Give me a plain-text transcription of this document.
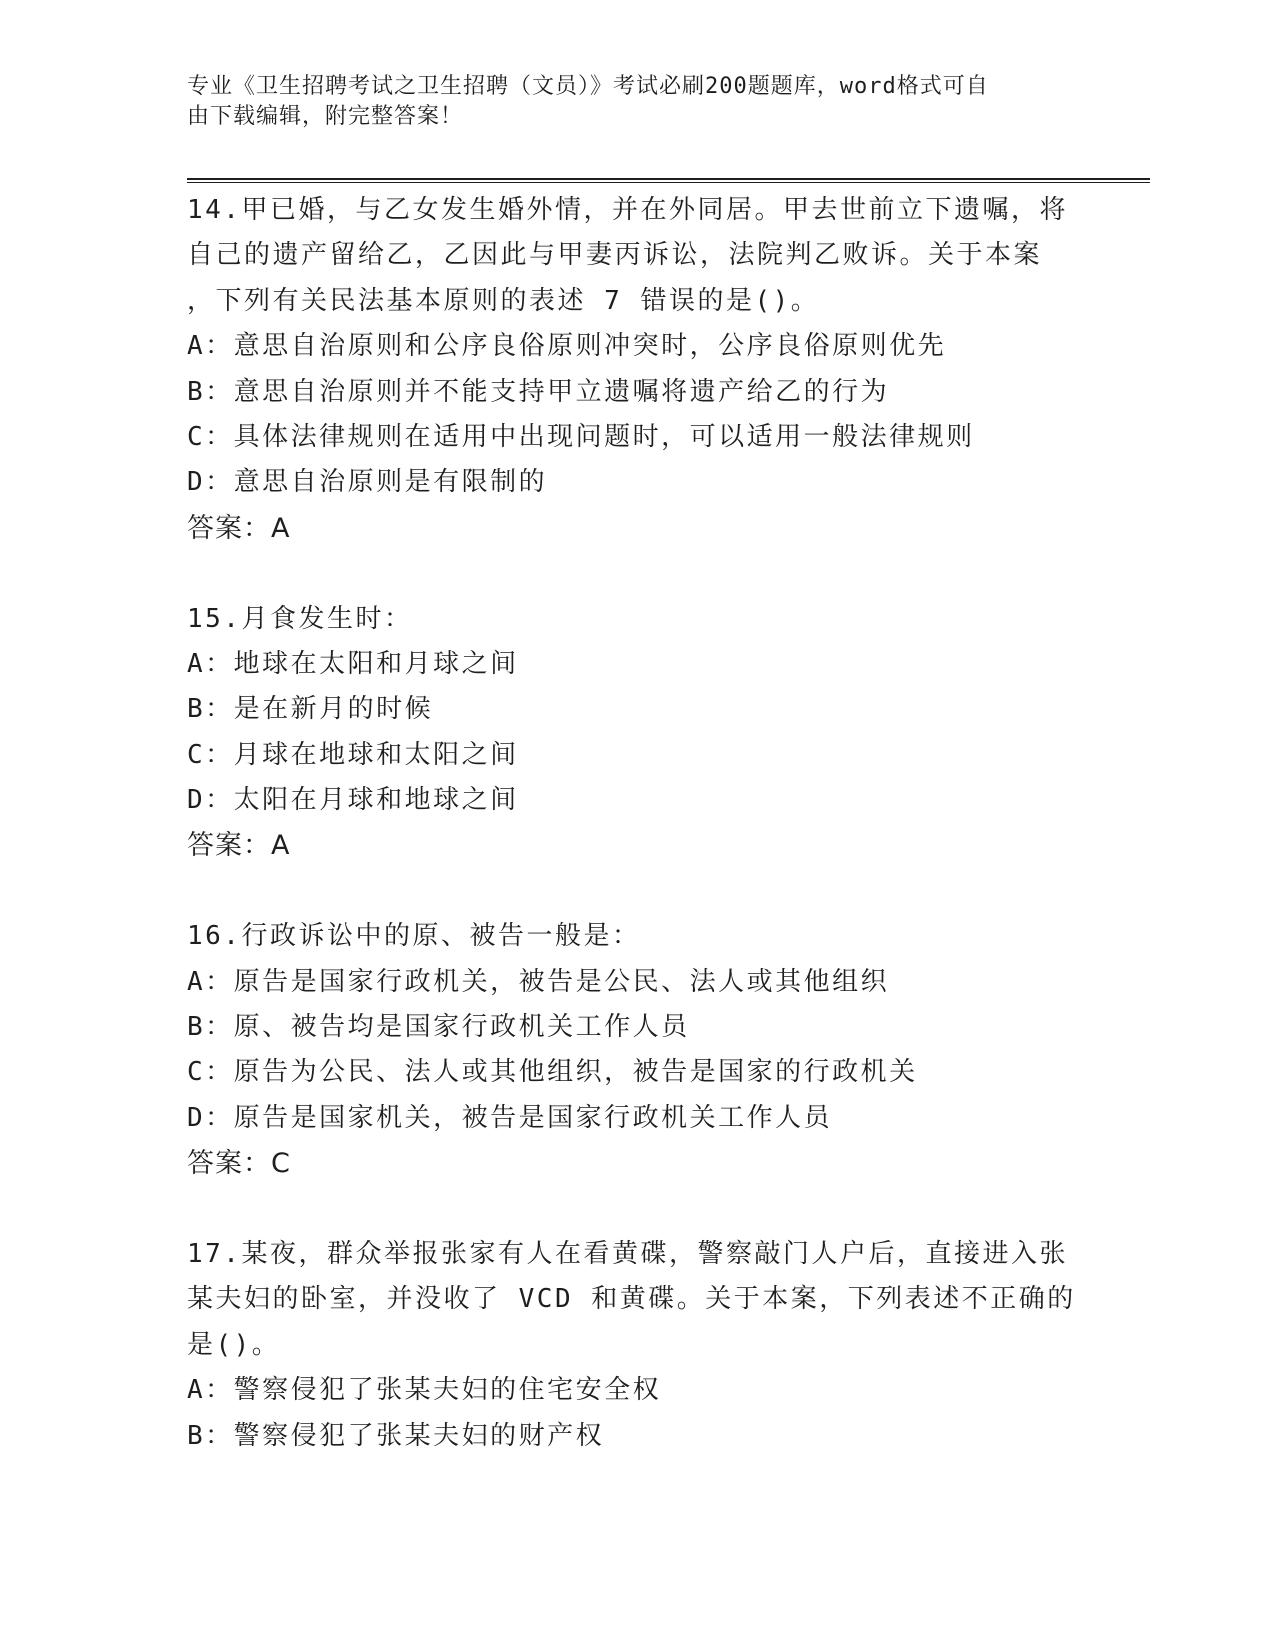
专业《卫生招聘考试之卫生招聘（文员）》考试必刷200题题库，word格式可自
由下载编辑，附完整答案！
14.甲已婚，与乙女发生婚外情，并在外同居。甲去世前立下遗嘱，将
自己的遗产留给乙，乙因此与甲妻丙诉讼，法院判乙败诉。关于本案
，下列有关民法基本原则的表述 7 错误的是()。
A：意思自治原则和公序良俗原则冲突时，公序良俗原则优先
B：意思自治原则并不能支持甲立遗嘱将遗产给乙的行为
C：具体法律规则在适用中出现问题时，可以适用一般法律规则
D：意思自治原则是有限制的
答案：A
15.月食发生时：
A：地球在太阳和月球之间
B：是在新月的时候
C：月球在地球和太阳之间
D：太阳在月球和地球之间
答案：A
16.行政诉讼中的原、被告一般是：
A：原告是国家行政机关，被告是公民、法人或其他组织
B：原、被告均是国家行政机关工作人员
C：原告为公民、法人或其他组织，被告是国家的行政机关
D：原告是国家机关，被告是国家行政机关工作人员
答案：C
17.某夜，群众举报张家有人在看黄碟，警察敲门人户后，直接进入张
某夫妇的卧室，并没收了 VCD 和黄碟。关于本案，下列表述不正确的
是()。
A：警察侵犯了张某夫妇的住宅安全权
B：警察侵犯了张某夫妇的财产权
